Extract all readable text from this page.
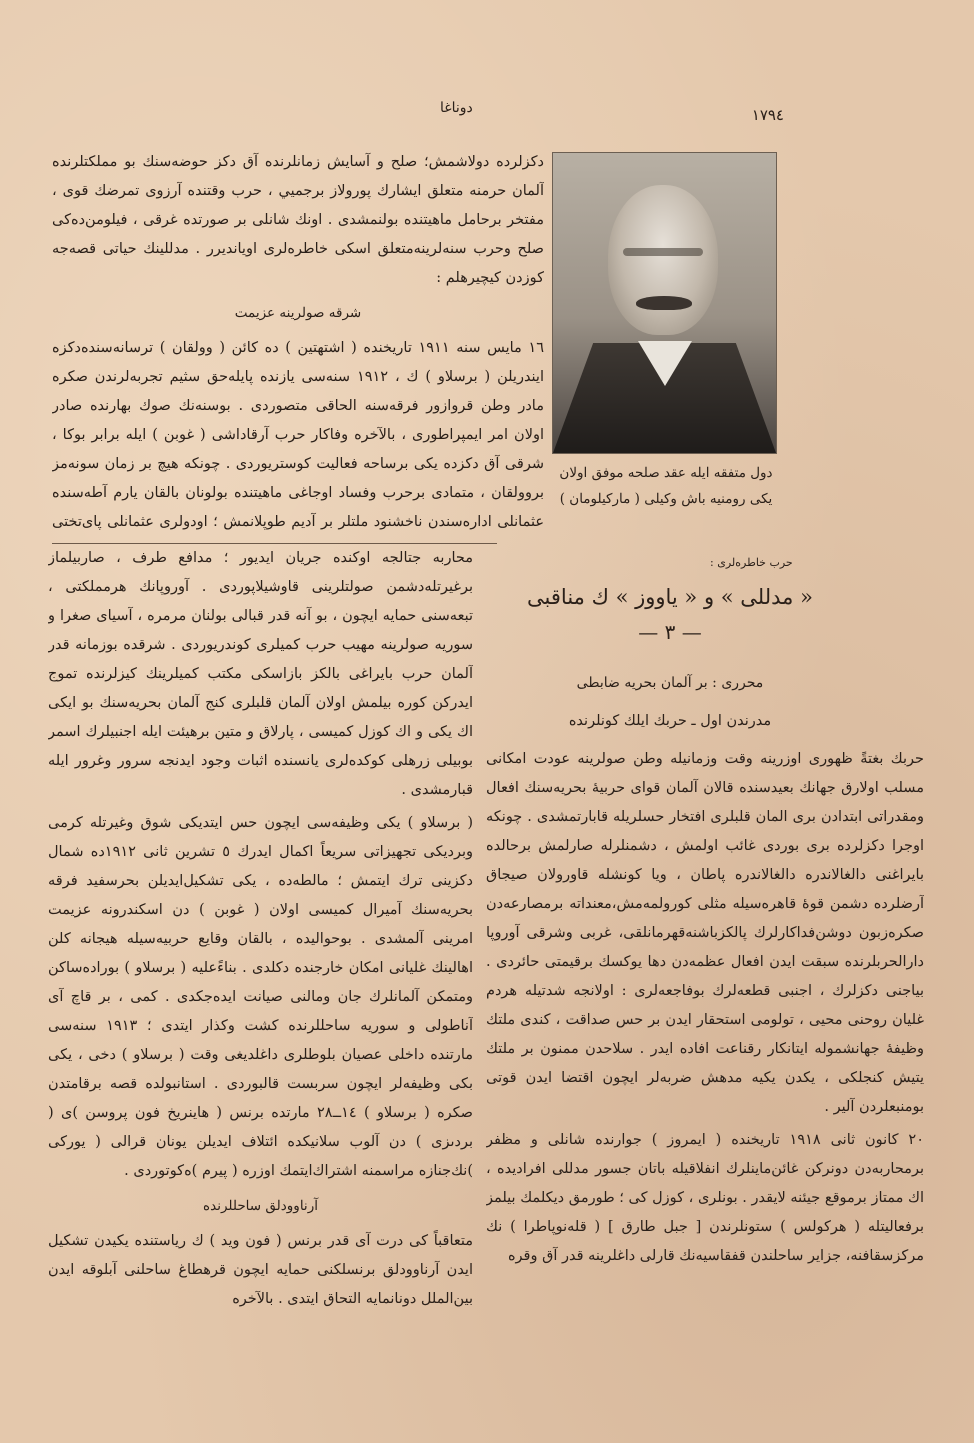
١٧٩٤
دوناغا

دكزلرده دولاشمش؛ صلح و آسايش زمانلرنده آق دكز حوضه‌سنك بو مملكتلرنده آلمان حرمنه متعلق ايشارك پورولاز برجميي ، حرب وقتنده آرزوى تمرضك قوى ، مفتخر برحامل ماهيتنده بولنمشدى . اونك شانلى بر صورتده غرقى ، فيلومن‌ده‌كى صلح وحرب سنه‌لرينه‌متعلق اسكى خاطره‌لرى اويانديرر . مدللينك حياتى قصه‌جه كوزدن كيچيرهلم :

شرقه صولرينه عزيمت

١٦ مايس سنه ١٩١١ تاريخنده ( اشتهتين ) ده كائن ( وولقان ) ترسانه‌سنده‌دكزه ايندريلن ( برسلاو ) ك ، ١٩١٢ سنه‌سى يازنده پايله‌حق سثيم تجربه‌لرندن صكره مادر وطن قروازور فرقه‌سنه الحاقى متصوردى . بوسنه‌نك صوك بهارنده صادر اولان امر ايمپراطورى ، بالآخره وفاكار حرب آرقاداشى ( غوبن ) ايله برابر بوكا ، شرقى آق دكزده يكى برساحه فعاليت كوستريوردى . چونكه هيچ بر زمان سونه‌مز بروولقان ، متمادى برحرب وفساد اوجاغى ماهيتنده بولونان بالقان يارم آطه‌سنده عثمانلى اداره‌سندن ناخشنود ملتلر بر آديم طوپلانمش ؛ اودولرى عثمانلى پاى‌تختى

دول متفقه ايله عقد صلحه موفق اولان يكى رومنيه باش وكيلى ( ماركيلومان )

محاربه جتالجه اوكنده جريان ايديور ؛ مدافع طرف ، صاربيلماز برغيرتله‌دشمن صولتلرينى قاوشيلاپوردى . آوروپانك هرمملكتى ، تبعه‌سنى حمايه ايچون ، بو آنه قدر قبالى بولنان مرمره ، آسياى صغرا و سوريه صولرينه مهيب حرب كميلرى كوندريوردى . شرقده بوزمانه قدر آلمان حرب بايراغى بالكز‌ بازاسكى مكتب كميلرينك كيزلرنده تموج ايدركن كوره بيلمش اولان آلمان قلبلرى كنج آلمان بحريه‌سنك بو ايكى اك يكى و اك كوزل كميسى ، پارلاق و متين برهيئت ايله اجنبيلرك اسمر بوبيلى زرهلى كوكده‌لرى يانسنده اثبات وجود ايدنجه سرور وغرور ايله قبارمشدى .

( برسلاو ) يكى وظيفه‌سى ايچون حس ايتديكى شوق وغيرتله كرمى وبرديكى تجهيزاتى سريعاً اكمال ايدرك ٥ تشرين ثانى ١٩١٢ده شمال دكزينى ترك ايتمش ؛ مالطه‌ده ، يكى تشكيل‌ايديلن بحرسفيد فرقه بحريه‌سنك آميرال كميسى اولان ( غوبن ) دن اسكندرونه عزيمت امرينى آلمشدى . بوحواليده ، بالقان وقايع حربيه‌سيله هيجانه كلن اهالينك غليانى امكان خارجنده دكلدى . بناءًعليه ( برسلاو ) بوراده‌ساكن ومتمكن آلمانلرك جان ومالنى صيانت ايده‌جكدى . كمى ، بر قاچ آى آناطولى و سوريه ساحللرنده كشت وكذار ايتدى ؛ ١٩١٣ سنه‌سى مارتنده داخلى عصيان بلوطلرى داغلديغى وقت ( برسلاو ) دخى ، يكى بكى وظيفه‌لر ايچون سربست قالبوردى . استانبولده قصه برقامتدن صكره ( برسلاو ) ١٤ــ٢٨ مارتده برنس ( هاينريخ فون پروسن )ى ( بردىزى ) دن آلوب سلانيكده ائتلاف ايديلن يونان قرالى ( يوركى )نك‌جنازه مراسمنه اشتراك‌ايتمك اوزره ( پيرم )ه‌كوتوردى .

آرناوودلق ساحللرنده

متعاقباً كى درت آى قدر برنس ( فون ويد ) ك رياستنده يكيدن تشكيل ايدن آرناوودلق برنسلكنى حمايه ايچون قرهطاغ ساحلنى آبلوقه ايدن بين‌الملل دونانمايه التحاق ايتدى . بالآخره

حرب خاطره‌لرى :
« مدللى » و « ياووز » ك مناقبى
— ٣ —
محررى : بر آلمان بحريه ضابطى
مدرندن اول ـ حربك ايلك كونلرنده

حربك بغتةً ظهورى اوزرينه وقت وزمانيله وطن صولرينه عودت امكانى مسلب اولارق جهانك بعيدسنده قالان آلمان قواى حربيۀ بحريه‌سنك افعال ومقدراتى ابتدادن برى المان قلبلرى افتخار حسلريله قابارتمشدى . چونكه اوجرا دكزلرده برى بوردى غائب اولمش ، دشمنلرله صارلمش برحالده بايراغنى دالغالاندره دالغالاندره پاطان ، ويا كونشله قاورولان صيجاق آرضلرده دشمن قوۀ قاهره‌سيله مثلى كورولمه‌مش،معنداته برمصارعه‌دن صكره‌زبون دوشن‌فداكارلرك پالكزباشنه‌قهرمانلقى، غربى وشرقى آوروپا دارالحربلرنده سبقت ايدن افعال عظمه‌دن دها يوكسك برقيمتى حائردى . بياجنى دكزلرك ، اجنبى قطعه‌لرك بوفاجعه‌لرى : اولانجه شدتيله هردم غليان روحنى محيى ، تولومى استحقار ايدن بر حس صداقت ، كندى ملتك وظيفۀ جهانشموله ايتانكار رقناعت افاده ايدر . سلاحدن ممنون بر ملتك يتيش كنجلكى ، يكدن يكيه مدهش ضربه‌لر ايچون اقتضا ايدن قوتى بومنبعلردن آلير .

٢٠ كانون ثانى ١٩١٨ تاريخنده ( ايمروز ) جوارنده شانلى و مظفر برمحاربه‌دن دونركن غائن‌ماينلرك انفلاقيله باتان جسور مدللى افراديده ، اك ممتاز برموقع جيئنه لايقدر . بونلرى ، كوزل كى ؛ طورمق ديكلمك بيلمز برفعاليتله ( هركولس ) ستونلرندن [ جبل طارق ] ( قله‌نوپاطرا ) نك مركزسقافنه، جزاير ساحلندن قفقاسيه‌نك قارلى داغلرينه قدر آق وقره
